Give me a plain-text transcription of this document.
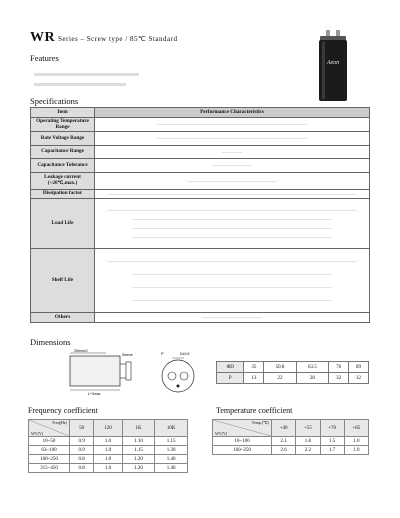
WR Series – Screw type / 85℃ Standard
Features	Aeon
Specifications
Item	Performance Characteristics
Operating Temperature Range	

Rate Voltage Range	

Capacitance Range	

Capacitance Tolerance	

Leakage current (+20℃,max.)	

Dissipation factor	

Load Life	

Shelf Life	

Others	
Dimensions
25mm±0
Sleeve
L+3max
P	D±0.5
ΦD	35	50.8	63.5	76	89
P	13	22	28	32	32
Frequency coefficient
Freq(Hz)
WV(V)	50	120	1K	10K
10~50	0.9	1.0	1.10	1.15
63~100	0.9	1.0	1.15	1.30
160~250	0.8	1.0	1.20	1.40
315~450	0.8	1.0	1.20	1.40
Temperature coefficient
Temp.(℃)
WV(V)	+40	+55	+70	+85
10~100	2.1	1.8	1.5	1.0
160~250	2.6	2.2	1.7	1.0
